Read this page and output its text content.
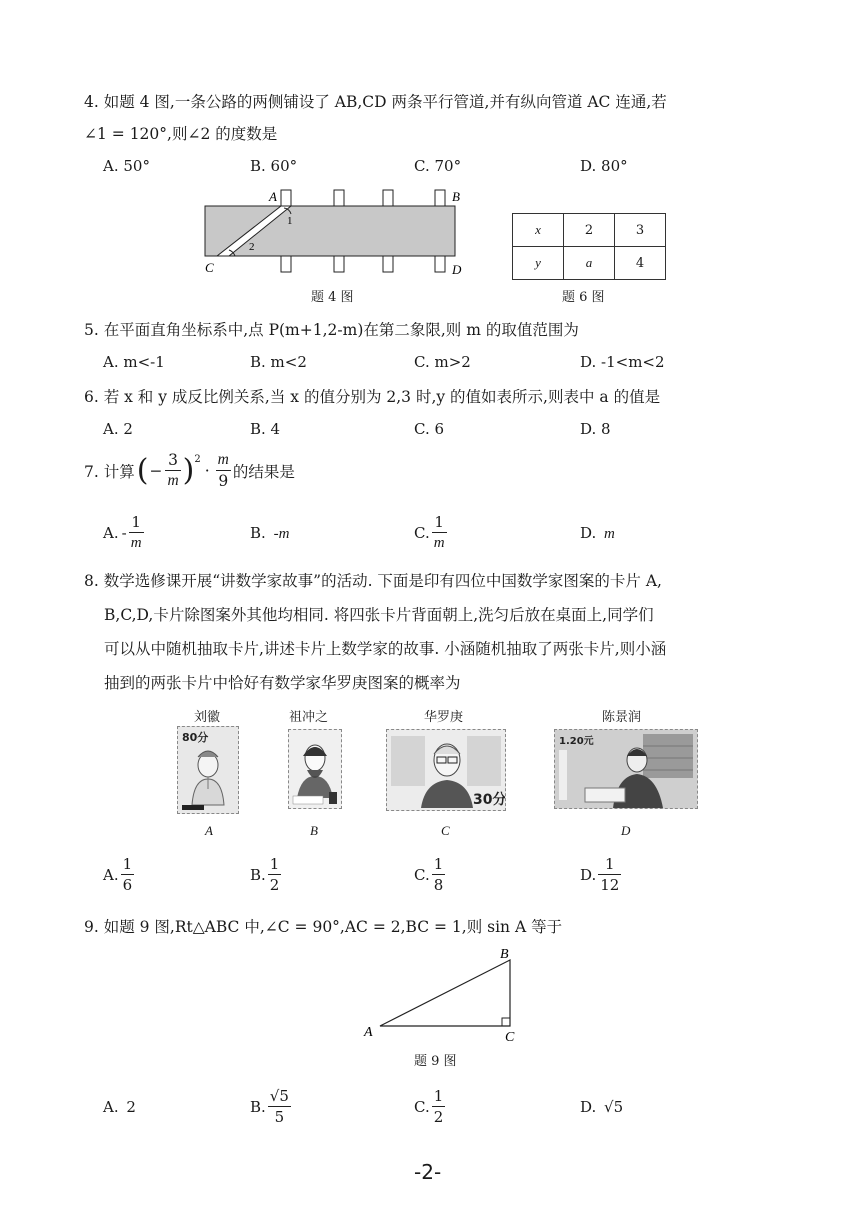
4. 如题 4 图,一条公路的两侧铺设了 AB,CD 两条平行管道,并有纵向管道 AC 连通,若
∠1 = 120°,则∠2 的度数是
A. 50°	B. 60°	C. 70°	D. 80°
A	B
C	D
1
2
题 4 图
x	2	3
y	a	4
题 6 图
5. 在平面直角坐标系中,点 P(m+1,2-m)在第二象限,则 m 的取值范围为
A. m<-1	B. m<2	C. m>2	D. -1<m<2
6. 若 x 和 y 成反比例关系,当 x 的值分别为 2,3 时,y 的值如表所示,则表中 a 的值是
A. 2	B. 4	C. 6	D. 8
7. 计算 ( − $\frac{3}{m}$ ) 2
· $\frac{m}{9}$ 的结果是
A. - $\frac{1}{m}$	B. -m	C. $\frac{1}{m}$	D. m
8. 数学选修课开展“讲数学家故事”的活动. 下面是印有四位中国数学家图案的卡片 A,
B,C,D,卡片除图案外其他均相同. 将四张卡片背面朝上,洗匀后放在桌面上,同学们
可以从中随机抽取卡片,讲述卡片上数学家的故事. 小涵随机抽取了两张卡片,则小涵
抽到的两张卡片中恰好有数学家华罗庚图案的概率为
刘徽	祖冲之	华罗庚	陈景润
80分
30分
1.20元
A	B	C	D
A. $\frac{1}{6}$	B. $\frac{1}{2}$	C. $\frac{1}{8}$	D. $\frac{1}{12}$
9. 如题 9 图,Rt△ABC 中,∠C = 90°,AC = 2,BC = 1,则 sin A 等于
A
B
C
题 9 图
A. 2	B. $\frac{√5}{5}$	C. $\frac{1}{2}$	D. √5
-2-
